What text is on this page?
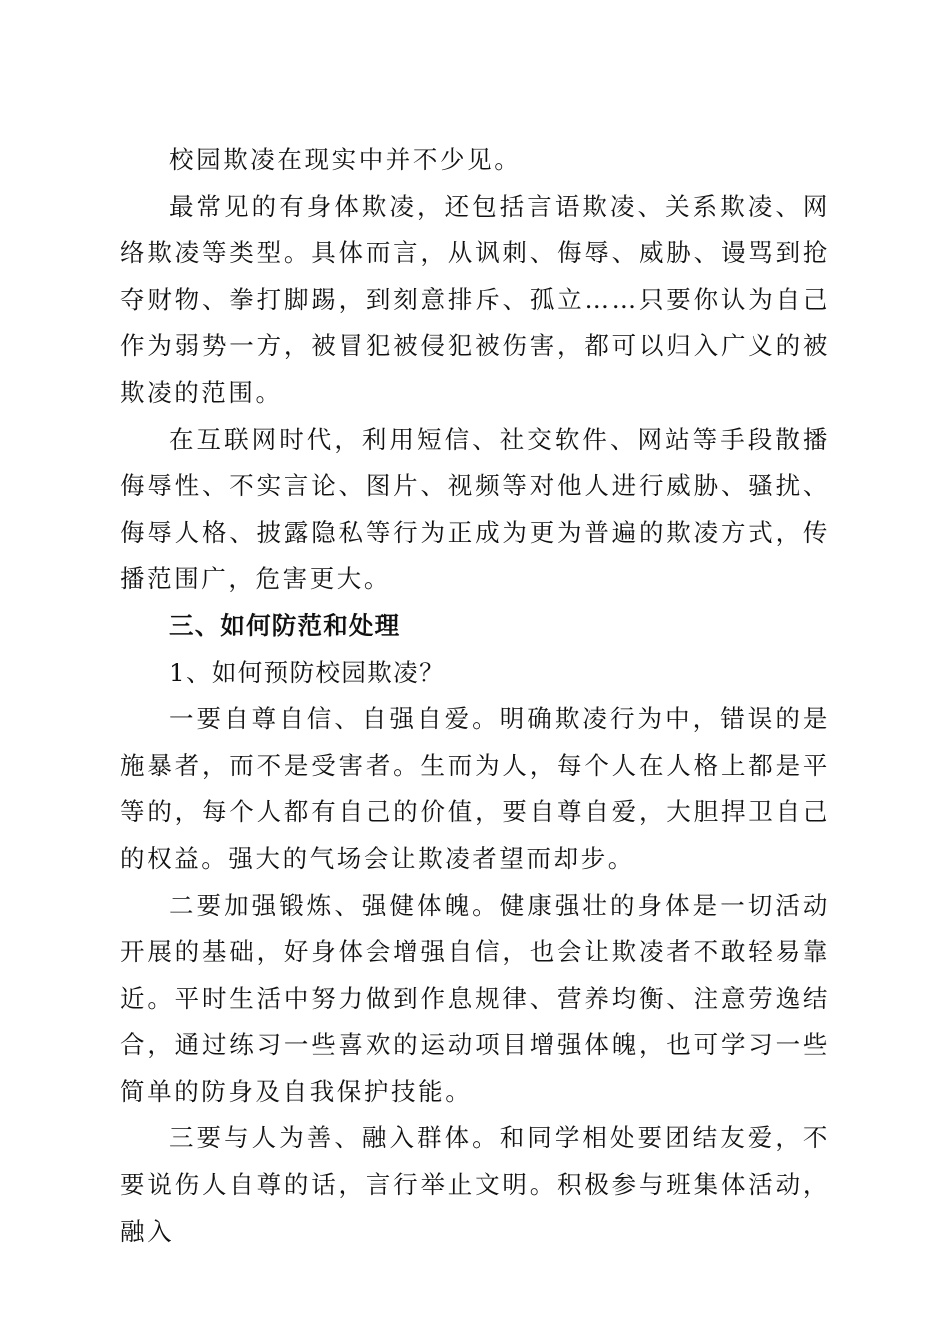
校园欺凌在现实中并不少见。

最常见的有身体欺凌，还包括言语欺凌、关系欺凌、网络欺凌等类型。具体而言，从讽刺、侮辱、威胁、谩骂到抢夺财物、拳打脚踢，到刻意排斥、孤立……只要你认为自己作为弱势一方，被冒犯被侵犯被伤害，都可以归入广义的被欺凌的范围。

在互联网时代，利用短信、社交软件、网站等手段散播侮辱性、不实言论、图片、视频等对他人进行威胁、骚扰、侮辱人格、披露隐私等行为正成为更为普遍的欺凌方式，传播范围广，危害更大。

三、如何防范和处理

1、如何预防校园欺凌？

一要自尊自信、自强自爱。明确欺凌行为中，错误的是施暴者，而不是受害者。生而为人，每个人在人格上都是平等的，每个人都有自己的价值，要自尊自爱，大胆捍卫自己的权益。强大的气场会让欺凌者望而却步。

二要加强锻炼、强健体魄。健康强壮的身体是一切活动开展的基础，好身体会增强自信，也会让欺凌者不敢轻易靠近。平时生活中努力做到作息规律、营养均衡、注意劳逸结合，通过练习一些喜欢的运动项目增强体魄，也可学习一些简单的防身及自我保护技能。

三要与人为善、融入群体。和同学相处要团结友爱，不要说伤人自尊的话，言行举止文明。积极参与班集体活动，融入
